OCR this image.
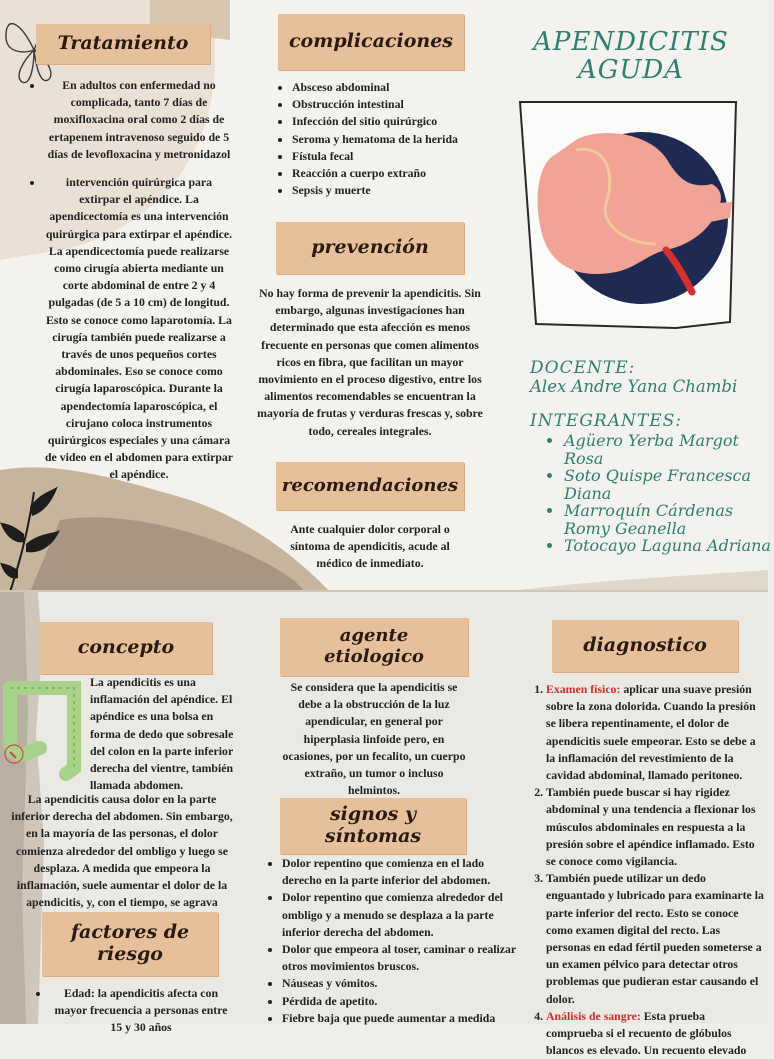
Tratamiento
• En adultos con enfermedad no complicada, tanto 7 días de moxifloxacina oral como 2 días de ertapenem intravenoso seguido de 5 días de levofloxacina y metronidazol
• intervención quirúrgica para extirpar el apéndice. La apendicectomía es una intervención quirúrgica para extirpar el apéndice. La apendicectomía puede realizarse como cirugía abierta mediante un corte abdominal de entre 2 y 4 pulgadas (de 5 a 10 cm) de longitud. Esto se conoce como laparotomía. La cirugía también puede realizarse a través de unos pequeños cortes abdominales. Eso se conoce como cirugía laparoscópica. Durante la apendectomía laparoscópica, el cirujano coloca instrumentos quirúrgicos especiales y una cámara de video en el abdomen para extirpar el apéndice.
complicaciones
• Absceso abdominal
• Obstrucción intestinal
• Infección del sitio quirúrgico
• Seroma y hematoma de la herida
• Fístula fecal
• Reacción a cuerpo extraño
• Sepsis y muerte
prevención
No hay forma de prevenir la apendicitis. Sin embargo, algunas investigaciones han determinado que esta afección es menos frecuente en personas que comen alimentos ricos en fibra, que facilitan un mayor movimiento en el proceso digestivo, entre los alimentos recomendables se encuentran la mayoría de frutas y verduras frescas y, sobre todo, cereales integrales.
recomendaciones
Ante cualquier dolor corporal o síntoma de apendicitis, acude al médico de inmediato.
APENDICITIS
AGUDA
DOCENTE:
Alex Andre Yana Chambi
INTEGRANTES:
• Agüero Yerba Margot Rosa
• Soto Quispe Francesca Diana
• Marroquín Cárdenas Romy Geanella
• Totocayo Laguna Adriana
concepto
La apendicitis es una inflamación del apéndice. El apéndice es una bolsa en forma de dedo que sobresale del colon en la parte inferior derecha del vientre, también llamada abdomen.
La apendicitis causa dolor en la parte inferior derecha del abdomen. Sin embargo, en la mayoría de las personas, el dolor comienza alrededor del ombligo y luego se desplaza. A medida que empeora la inflamación, suele aumentar el dolor de la apendicitis, y, con el tiempo, se agrava
factores de
riesgo
• Edad: la apendicitis afecta con mayor frecuencia a personas entre 15 y 30 años
agente
etiologico
Se considera que la apendicitis se debe a la obstrucción de la luz apendicular, en general por hiperplasia linfoide pero, en ocasiones, por un fecalito, un cuerpo extraño, un tumor o incluso helmintos.
signos y
síntomas
• Dolor repentino que comienza en el lado derecho en la parte inferior del abdomen.
• Dolor repentino que comienza alrededor del ombligo y a menudo se desplaza a la parte inferior derecha del abdomen.
• Dolor que empeora al toser, caminar o realizar otros movimientos bruscos.
• Náuseas y vómitos.
• Pérdida de apetito.
• Fiebre baja que puede aumentar a medida
diagnostico
1. Examen físico: aplicar una suave presión sobre la zona dolorida. Cuando la presión se libera repentinamente, el dolor de apendicitis suele empeorar. Esto se debe a la inflamación del revestimiento de la cavidad abdominal, llamado peritoneo.
2. También puede buscar si hay rigidez abdominal y una tendencia a flexionar los músculos abdominales en respuesta a la presión sobre el apéndice inflamado. Esto se conoce como vigilancia.
3. También puede utilizar un dedo enguantado y lubricado para examinarte la parte inferior del recto. Esto se conoce como examen digital del recto. Las personas en edad fértil pueden someterse a un examen pélvico para detectar otros problemas que pudieran estar causando el dolor.
4. Análisis de sangre: Esta prueba comprueba si el recuento de glóbulos blancos es elevado. Un recuento elevado
